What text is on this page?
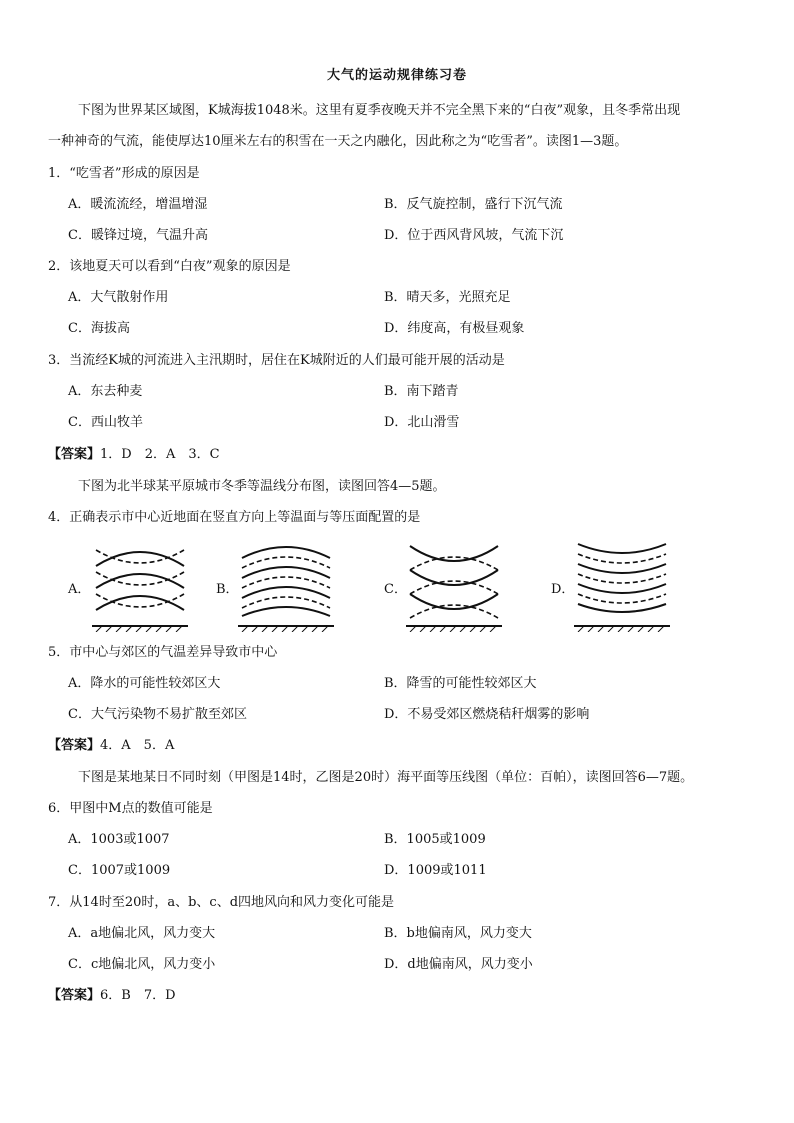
大气的运动规律练习卷
下图为世界某区域图，K城海拔1048米。这里有夏季夜晚天并不完全黑下来的“白夜”观象，且冬季常出现
一种神奇的气流，能使厚达10厘米左右的积雪在一天之内融化，因此称之为“吃雪者”。读图1—3题。
1．“吃雪者”形成的原因是
A．暖流流经，增温增湿	B．反气旋控制，盛行下沉气流
C．暖锋过境，气温升高	D．位于西风背风坡，气流下沉
2．该地夏天可以看到“白夜”观象的原因是
A．大气散射作用	B．晴天多，光照充足
C．海拔高	D．纬度高，有极昼观象
3．当流经K城的河流进入主汛期时，居住在K城附近的人们最可能开展的活动是
A．东去种麦	B．南下踏青
C．西山牧羊	D．北山滑雪
【答案】1．D　2．A　3．C
下图为北半球某平原城市冬季等温线分布图，读图回答4—5题。
4．正确表示市中心近地面在竖直方向上等温面与等压面配置的是
A．	B．	C．	D．
5．市中心与郊区的气温差异导致市中心
A．降水的可能性较郊区大	B．降雪的可能性较郊区大
C．大气污染物不易扩散至郊区	D．不易受郊区燃烧秸秆烟雾的影响
【答案】4．A　5．A
下图是某地某日不同时刻（甲图是14时，乙图是20时）海平面等压线图（单位：百帕），读图回答6—7题。
6．甲图中M点的数值可能是
A．1003或1007	B．1005或1009
C．1007或1009	D．1009或1011
7．从14时至20时，a、b、c、d四地风向和风力变化可能是
A．a地偏北风，风力变大	B．b地偏南风，风力变大
C．c地偏北风，风力变小	D．d地偏南风，风力变小
【答案】6．B　7．D
